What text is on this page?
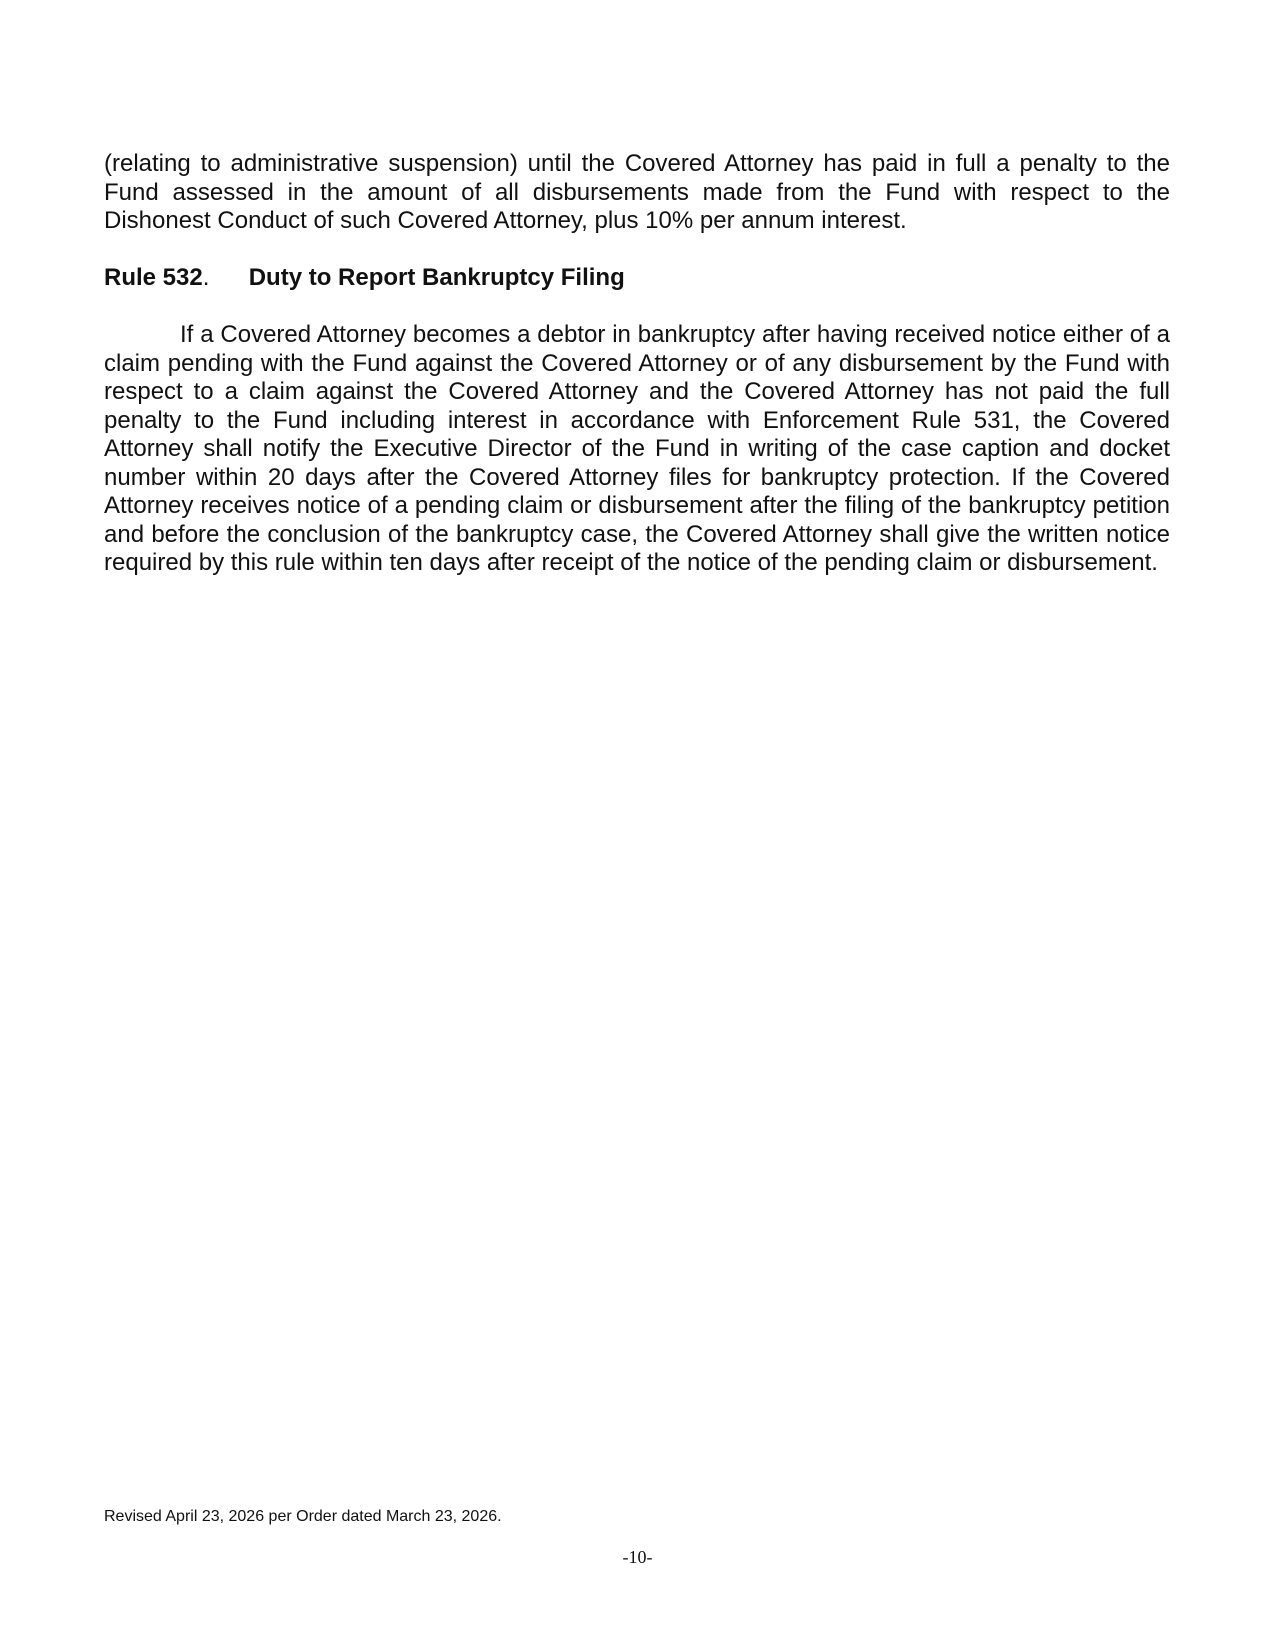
(relating to administrative suspension) until the Covered Attorney has paid in full a penalty to the Fund assessed in the amount of all disbursements made from the Fund with respect to the Dishonest Conduct of such Covered Attorney, plus 10% per annum interest.

Rule 532. Duty to Report Bankruptcy Filing

If a Covered Attorney becomes a debtor in bankruptcy after having received notice either of a claim pending with the Fund against the Covered Attorney or of any disbursement by the Fund with respect to a claim against the Covered Attorney and the Covered Attorney has not paid the full penalty to the Fund including interest in accordance with Enforcement Rule 531, the Covered Attorney shall notify the Executive Director of the Fund in writing of the case caption and docket number within 20 days after the Covered Attorney files for bankruptcy protection. If the Covered Attorney receives notice of a pending claim or disbursement after the filing of the bankruptcy petition and before the conclusion of the bankruptcy case, the Covered Attorney shall give the written notice required by this rule within ten days after receipt of the notice of the pending claim or disbursement.

Revised April 23, 2026 per Order dated March 23, 2026.

-10-
